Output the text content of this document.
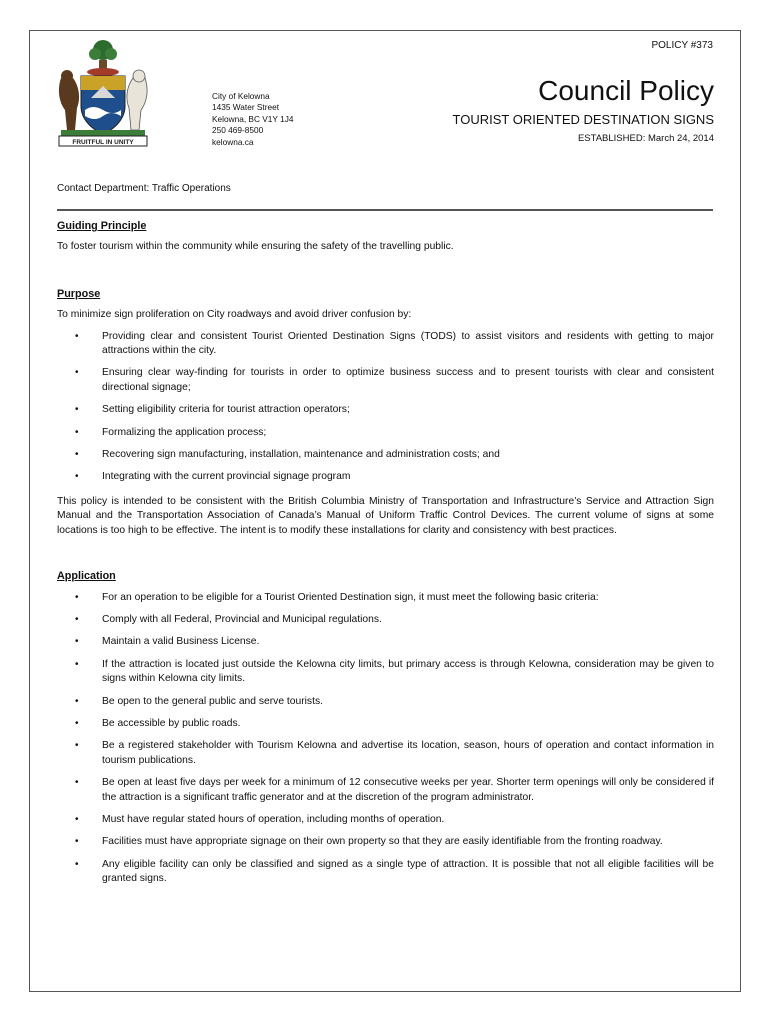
POLICY #373
FRUITFUL IN UNITY
City of Kelowna
1435 Water Street
Kelowna, BC V1Y 1J4
250 469-8500
kelowna.ca
Council Policy
TOURIST ORIENTED DESTINATION SIGNS
ESTABLISHED: March 24, 2014
Contact Department: Traffic Operations
Guiding Principle

To foster tourism within the community while ensuring the safety of the travelling public.

Purpose

To minimize sign proliferation on City roadways and avoid driver confusion by:

• Providing clear and consistent Tourist Oriented Destination Signs (TODS) to assist visitors and residents with getting to major attractions within the city.
• Ensuring clear way-finding for tourists in order to optimize business success and to present tourists with clear and consistent directional signage;
• Setting eligibility criteria for tourist attraction operators;
• Formalizing the application process;
• Recovering sign manufacturing, installation, maintenance and administration costs; and
• Integrating with the current provincial signage program

This policy is intended to be consistent with the British Columbia Ministry of Transportation and Infrastructure’s Service and Attraction Sign Manual and the Transportation Association of Canada’s Manual of Uniform Traffic Control Devices. The current volume of signs at some locations is too high to be effective. The intent is to modify these installations for clarity and consistency with best practices.

Application
• For an operation to be eligible for a Tourist Oriented Destination sign, it must meet the following basic criteria:
• Comply with all Federal, Provincial and Municipal regulations.
• Maintain a valid Business License.
• If the attraction is located just outside the Kelowna city limits, but primary access is through Kelowna, consideration may be given to signs within Kelowna city limits.
• Be open to the general public and serve tourists.
• Be accessible by public roads.
• Be a registered stakeholder with Tourism Kelowna and advertise its location, season, hours of operation and contact information in tourism publications.
• Be open at least five days per week for a minimum of 12 consecutive weeks per year. Shorter term openings will only be considered if the attraction is a significant traffic generator and at the discretion of the program administrator.
• Must have regular stated hours of operation, including months of operation.
• Facilities must have appropriate signage on their own property so that they are easily identifiable from the fronting roadway.
• Any eligible facility can only be classified and signed as a single type of attraction. It is possible that not all eligible facilities will be granted signs.
